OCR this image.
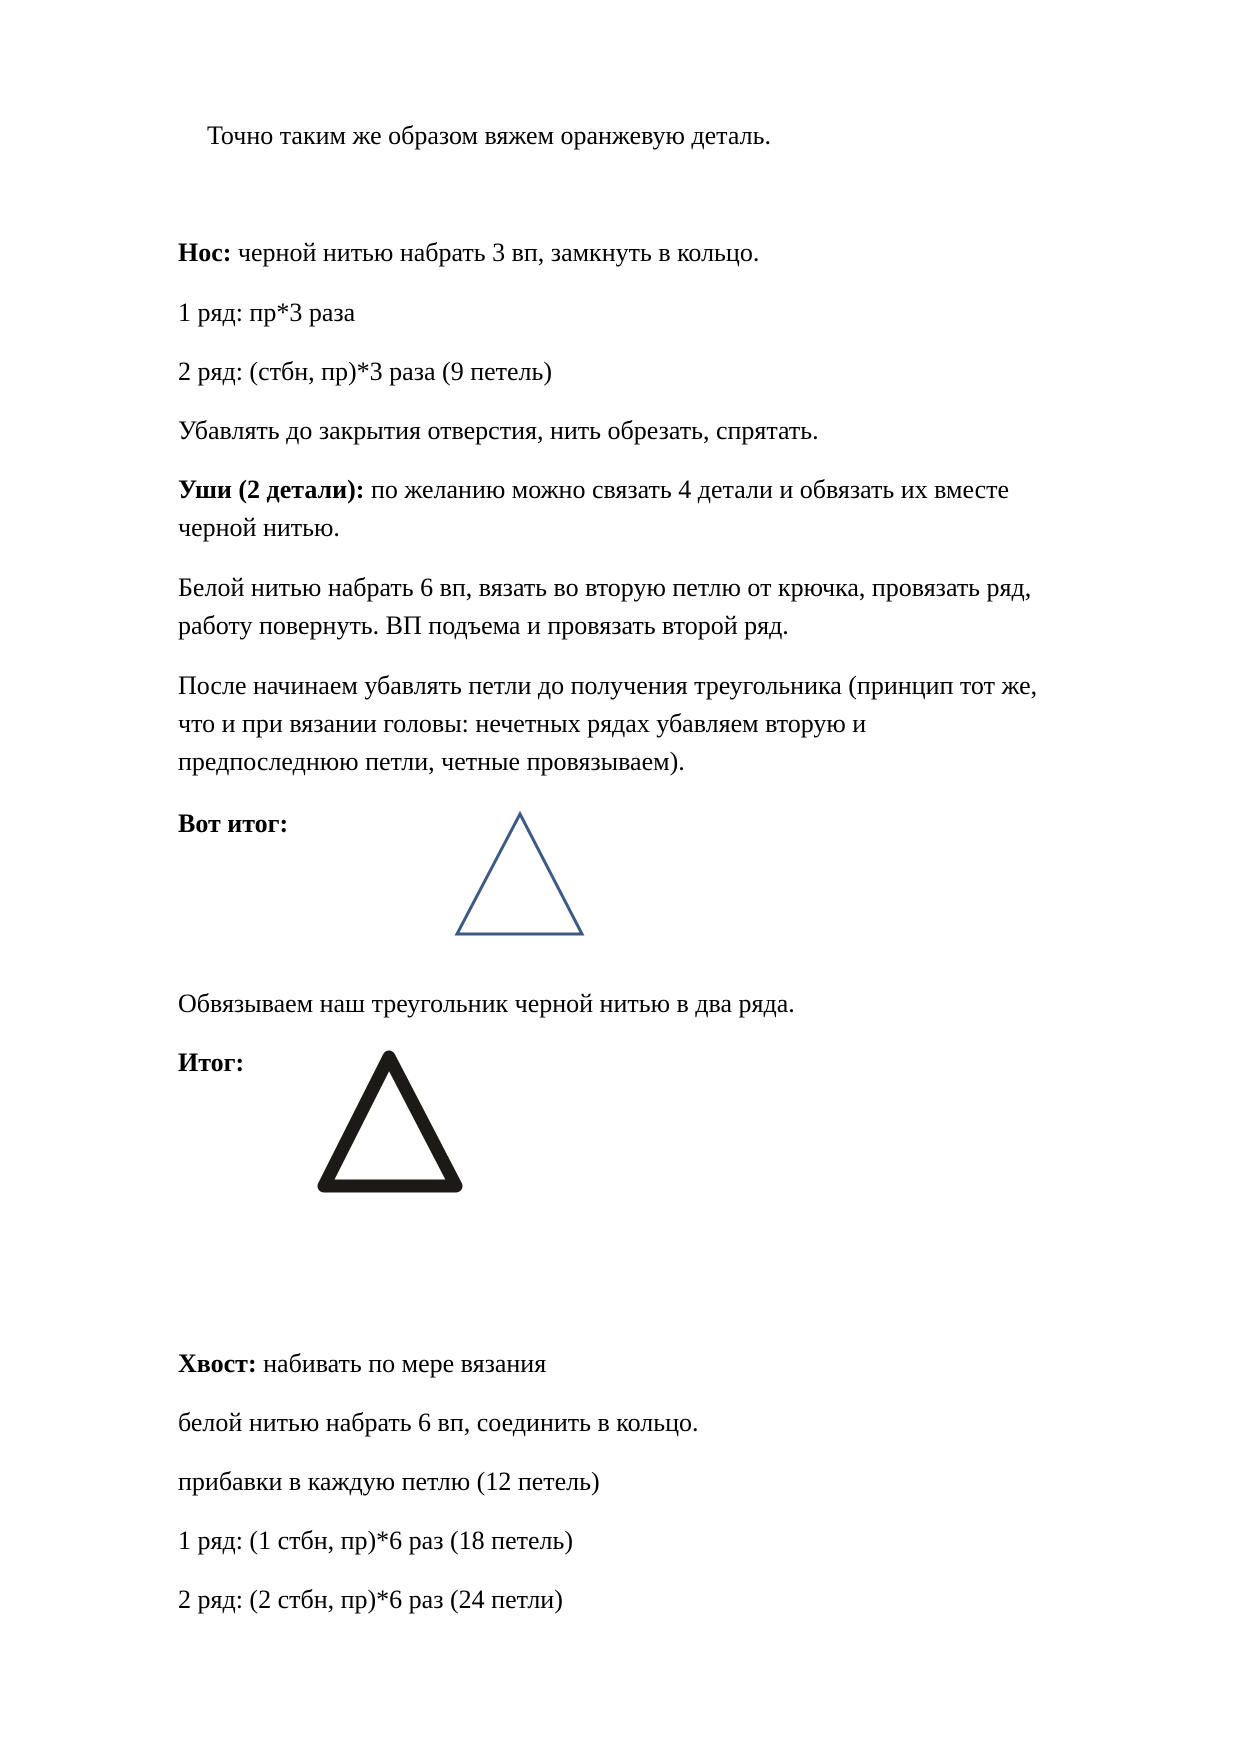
Точно таким же образом вяжем оранжевую деталь.

Нос: черной нитью набрать 3 вп, замкнуть в кольцо.

1 ряд: пр*3 раза

2 ряд: (стбн, пр)*3 раза (9 петель)

Убавлять до закрытия отверстия, нить обрезать, спрятать.

Уши (2 детали): по желанию можно связать 4 детали и обвязать их вместе

черной нитью.

Белой нитью набрать 6 вп, вязать во вторую петлю от крючка, провязать ряд,

работу повернуть. ВП подъема и провязать второй ряд.

После начинаем убавлять петли до получения треугольника (принцип тот же,

что и при вязании головы: нечетных рядах убавляем вторую и

предпоследнюю петли, четные провязываем).

Вот итог:

Обвязываем наш треугольник черной нитью в два ряда.

Итог:

Хвост: набивать по мере вязания

белой нитью набрать 6 вп, соединить в кольцо.

прибавки в каждую петлю (12 петель)

1 ряд: (1 стбн, пр)*6 раз (18 петель)

2 ряд: (2 стбн, пр)*6 раз (24 петли)
